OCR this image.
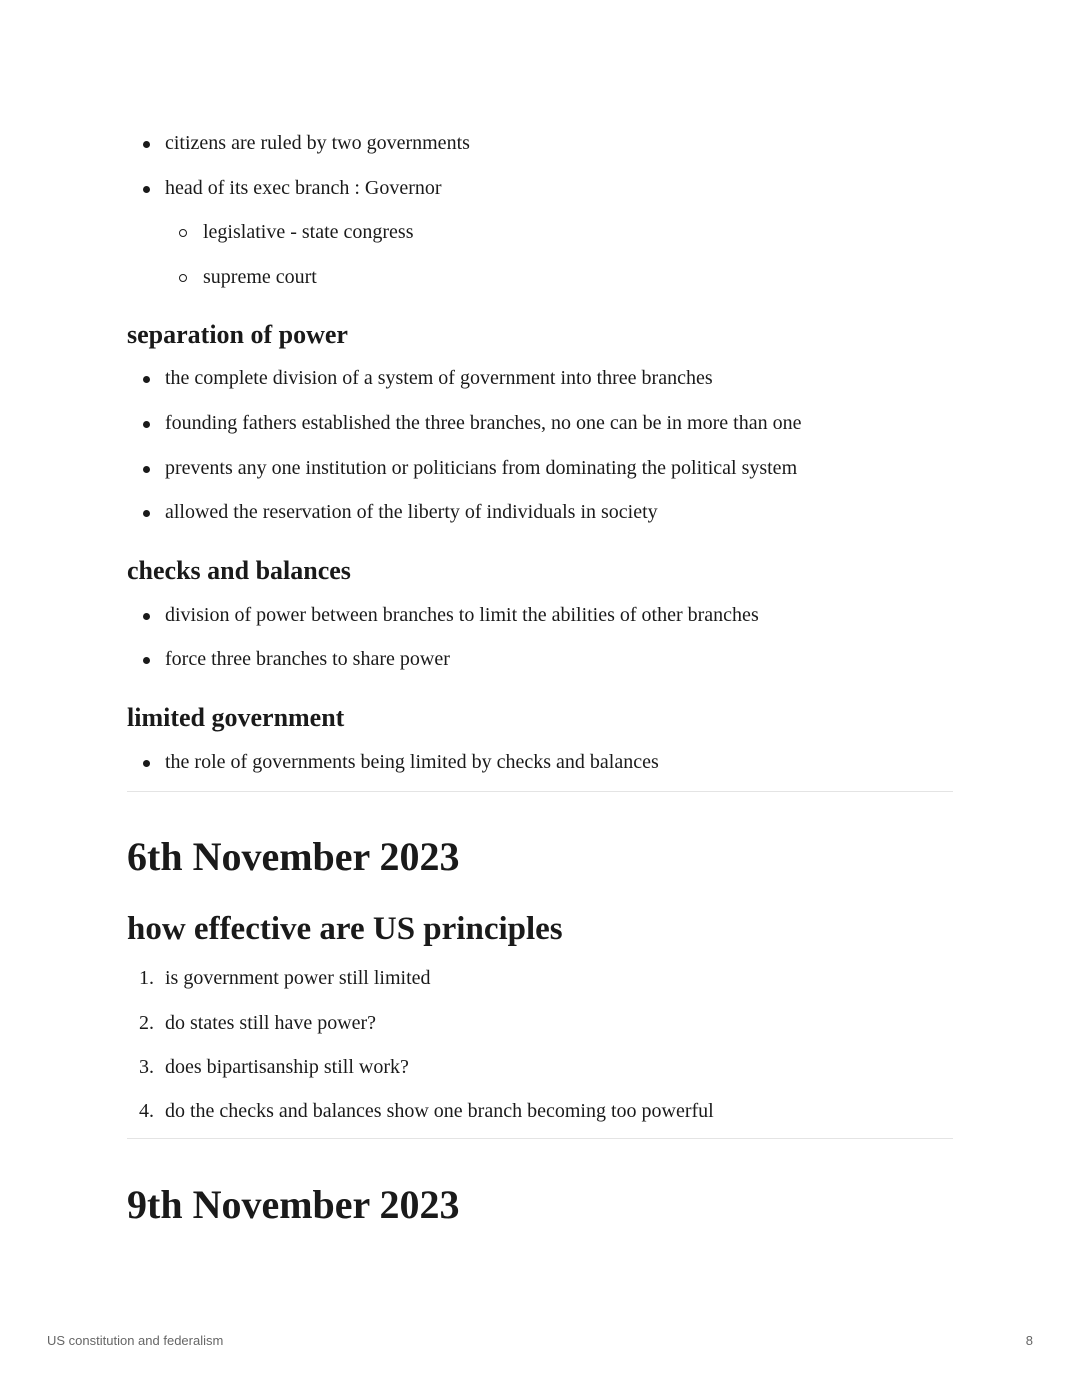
citizens are ruled by two governments
head of its exec branch : Governor
legislative - state congress
supreme court
separation of power
the complete division of a system of government into three branches
founding fathers established the three branches, no one can be in more than one
prevents any one institution or politicians from dominating the political system
allowed the reservation of the liberty of individuals in society
checks and balances
division of power between branches to limit the abilities of other branches
force three branches to share power
limited government
the role of governments being limited by checks and balances
6th November 2023
how effective are US principles
1. is government power still limited
2. do states still have power?
3. does bipartisanship still work?
4. do the checks and balances show one branch becoming too powerful
9th November 2023
US constitution and federalism	8
